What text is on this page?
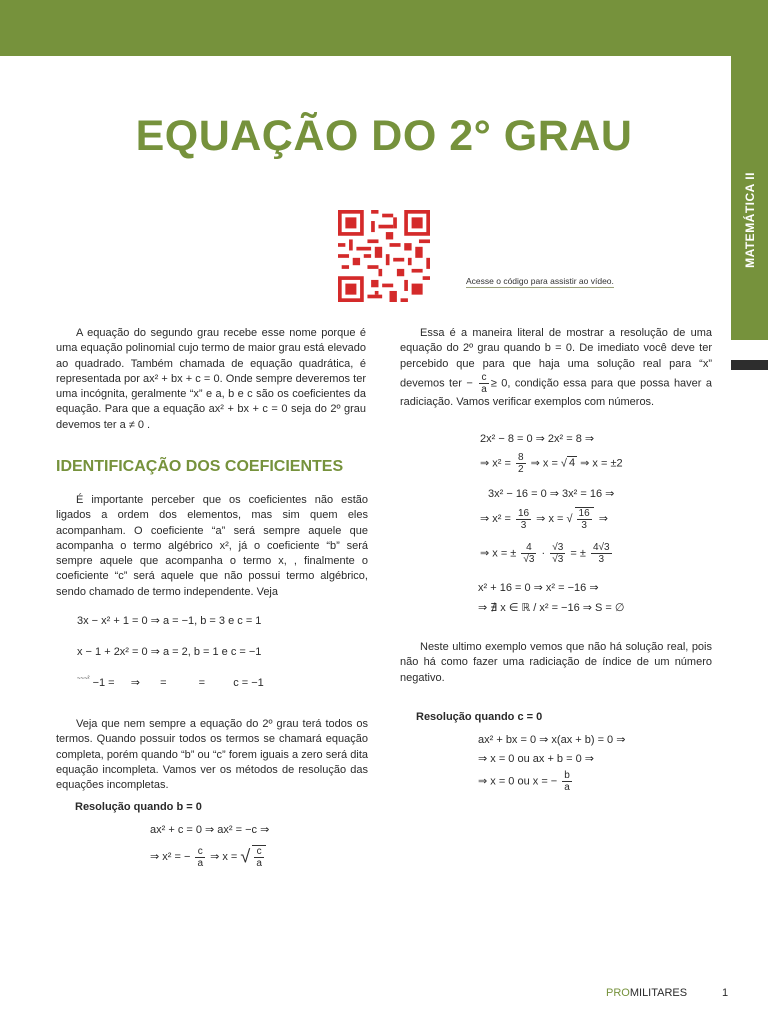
MATEMÁTICA II
EQUAÇÃO DO 2° GRAU
Acesse o código para assistir ao vídeo.
A equação do segundo grau recebe esse nome porque é uma equação polinomial cujo termo de maior grau está elevado ao quadrado. Também chamada de equação quadrática, é representada por ax² + bx + c = 0. Onde sempre deveremos ter uma incógnita, geralmente “x” e a, b e c são os coeficientes da equação. Para que a equação ax² + bx + c = 0 seja do 2º grau devemos ter a ≠ 0 .
IDENTIFICAÇÃO DOS COEFICIENTES
É importante perceber que os coeficientes não estão ligados a ordem dos elementos, mas sim quem eles acompanham. O coeficiente “a” será sempre aquele que acompanha o termo algébrico x², já o coeficiente “b” será sempre aquele que acompanha o termo x, , finalmente o coeficiente “c” será aquele que não possui termo algébrico, sendo chamado de termo independente. Veja
3x − x² + 1 = 0 ⇒ a = −1, b = 3 e c = 1
x − 1 + 2x² = 0 ⇒ a = 2, b = 1 e c = −1
$^{\sim\sim\sim^2}$ −1 = ⇒ =	=	c = −1
Veja que nem sempre a equação do 2º grau terá todos os termos. Quando possuir todos os termos se chamará equação completa, porém quando “b” ou “c” forem iguais a zero será dita equação incompleta. Vamos ver os métodos de resolução das equações incompletas.
Resolução quando b = 0
ax² + c = 0 ⇒ ax² = −c ⇒
⇒ x² = − $\frac{c}{a}$ ⇒ x = √ $\frac{c}{a}$
Essa é a maneira literal de mostrar a resolução de uma equação do 2º grau quando b = 0. De imediato você deve ter percebido que para que haja uma solução real para “x” devemos ter − $\frac{c}{a} \ge 0$, condição essa para que possa haver a radiciação. Vamos verificar exemplos com números.
2x² − 8 = 0 ⇒ 2x² = 8 ⇒
⇒ $x^2 = \frac{8}{2}$ ⇒ x = √ 4 ⇒ x = ±2
3x² − 16 = 0 ⇒ 3x² = 16 ⇒
⇒ $x^2 = \frac{16}{3}$ ⇒ x = √ $\frac{16}{3}$ ⇒
⇒ x = ± $\frac{4}{√3} \cdot \frac{√3}{√3}$ = ± $\frac{4√3}{3}$
x² + 16 = 0 ⇒ x² = −16 ⇒
⇒ ∄ x ∈ ℝ / x² = −16 ⇒ S = ∅
Neste ultimo exemplo vemos que não há solução real, pois não há como fazer uma radiciação de índice de um número negativo.
Resolução quando c = 0
ax² + bx = 0 ⇒ x(ax + b) = 0 ⇒
⇒ x = 0 ou ax + b = 0 ⇒
⇒ x = 0 ou x = − $\frac{b}{a}$
PROMILITARES	1
